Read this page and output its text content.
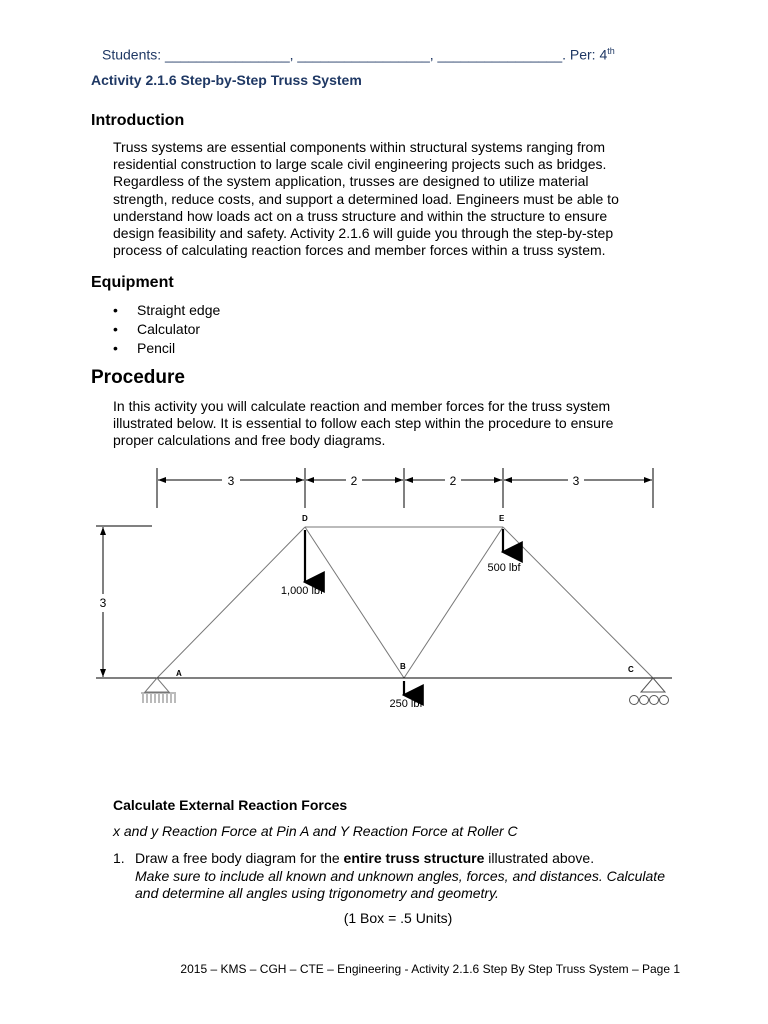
Students: ________________, _________________, ________________. Per: 4th
Activity 2.1.6 Step-by-Step Truss System
Introduction

Truss systems are essential components within structural systems ranging from residential construction to large scale civil engineering projects such as bridges. Regardless of the system application, trusses are designed to utilize material strength, reduce costs, and support a determined load. Engineers must be able to understand how loads act on a truss structure and within the structure to ensure design feasibility and safety. Activity 2.1.6 will guide you through the step-by-step process of calculating reaction forces and member forces within a truss system.

Equipment
• Straight edge
• Calculator
• Pencil
Procedure

In this activity you will calculate reaction and member forces for the truss system illustrated below. It is essential to follow each step within the procedure to ensure proper calculations and free body diagrams.

3	2	2	3
3
A
B	C
D	E
1,000 lbf
500 lbf
250 lbf
Calculate External Reaction Forces
x and y Reaction Force at Pin A and Y Reaction Force at Roller C
1. Draw a free body diagram for the entire truss structure illustrated above.
Make sure to include all known and unknown angles, forces, and distances. Calculate and determine all angles using trigonometry and geometry.
(1 Box = .5 Units)
2015 – KMS – CGH – CTE – Engineering - Activity 2.1.6 Step By Step Truss System – Page 1
